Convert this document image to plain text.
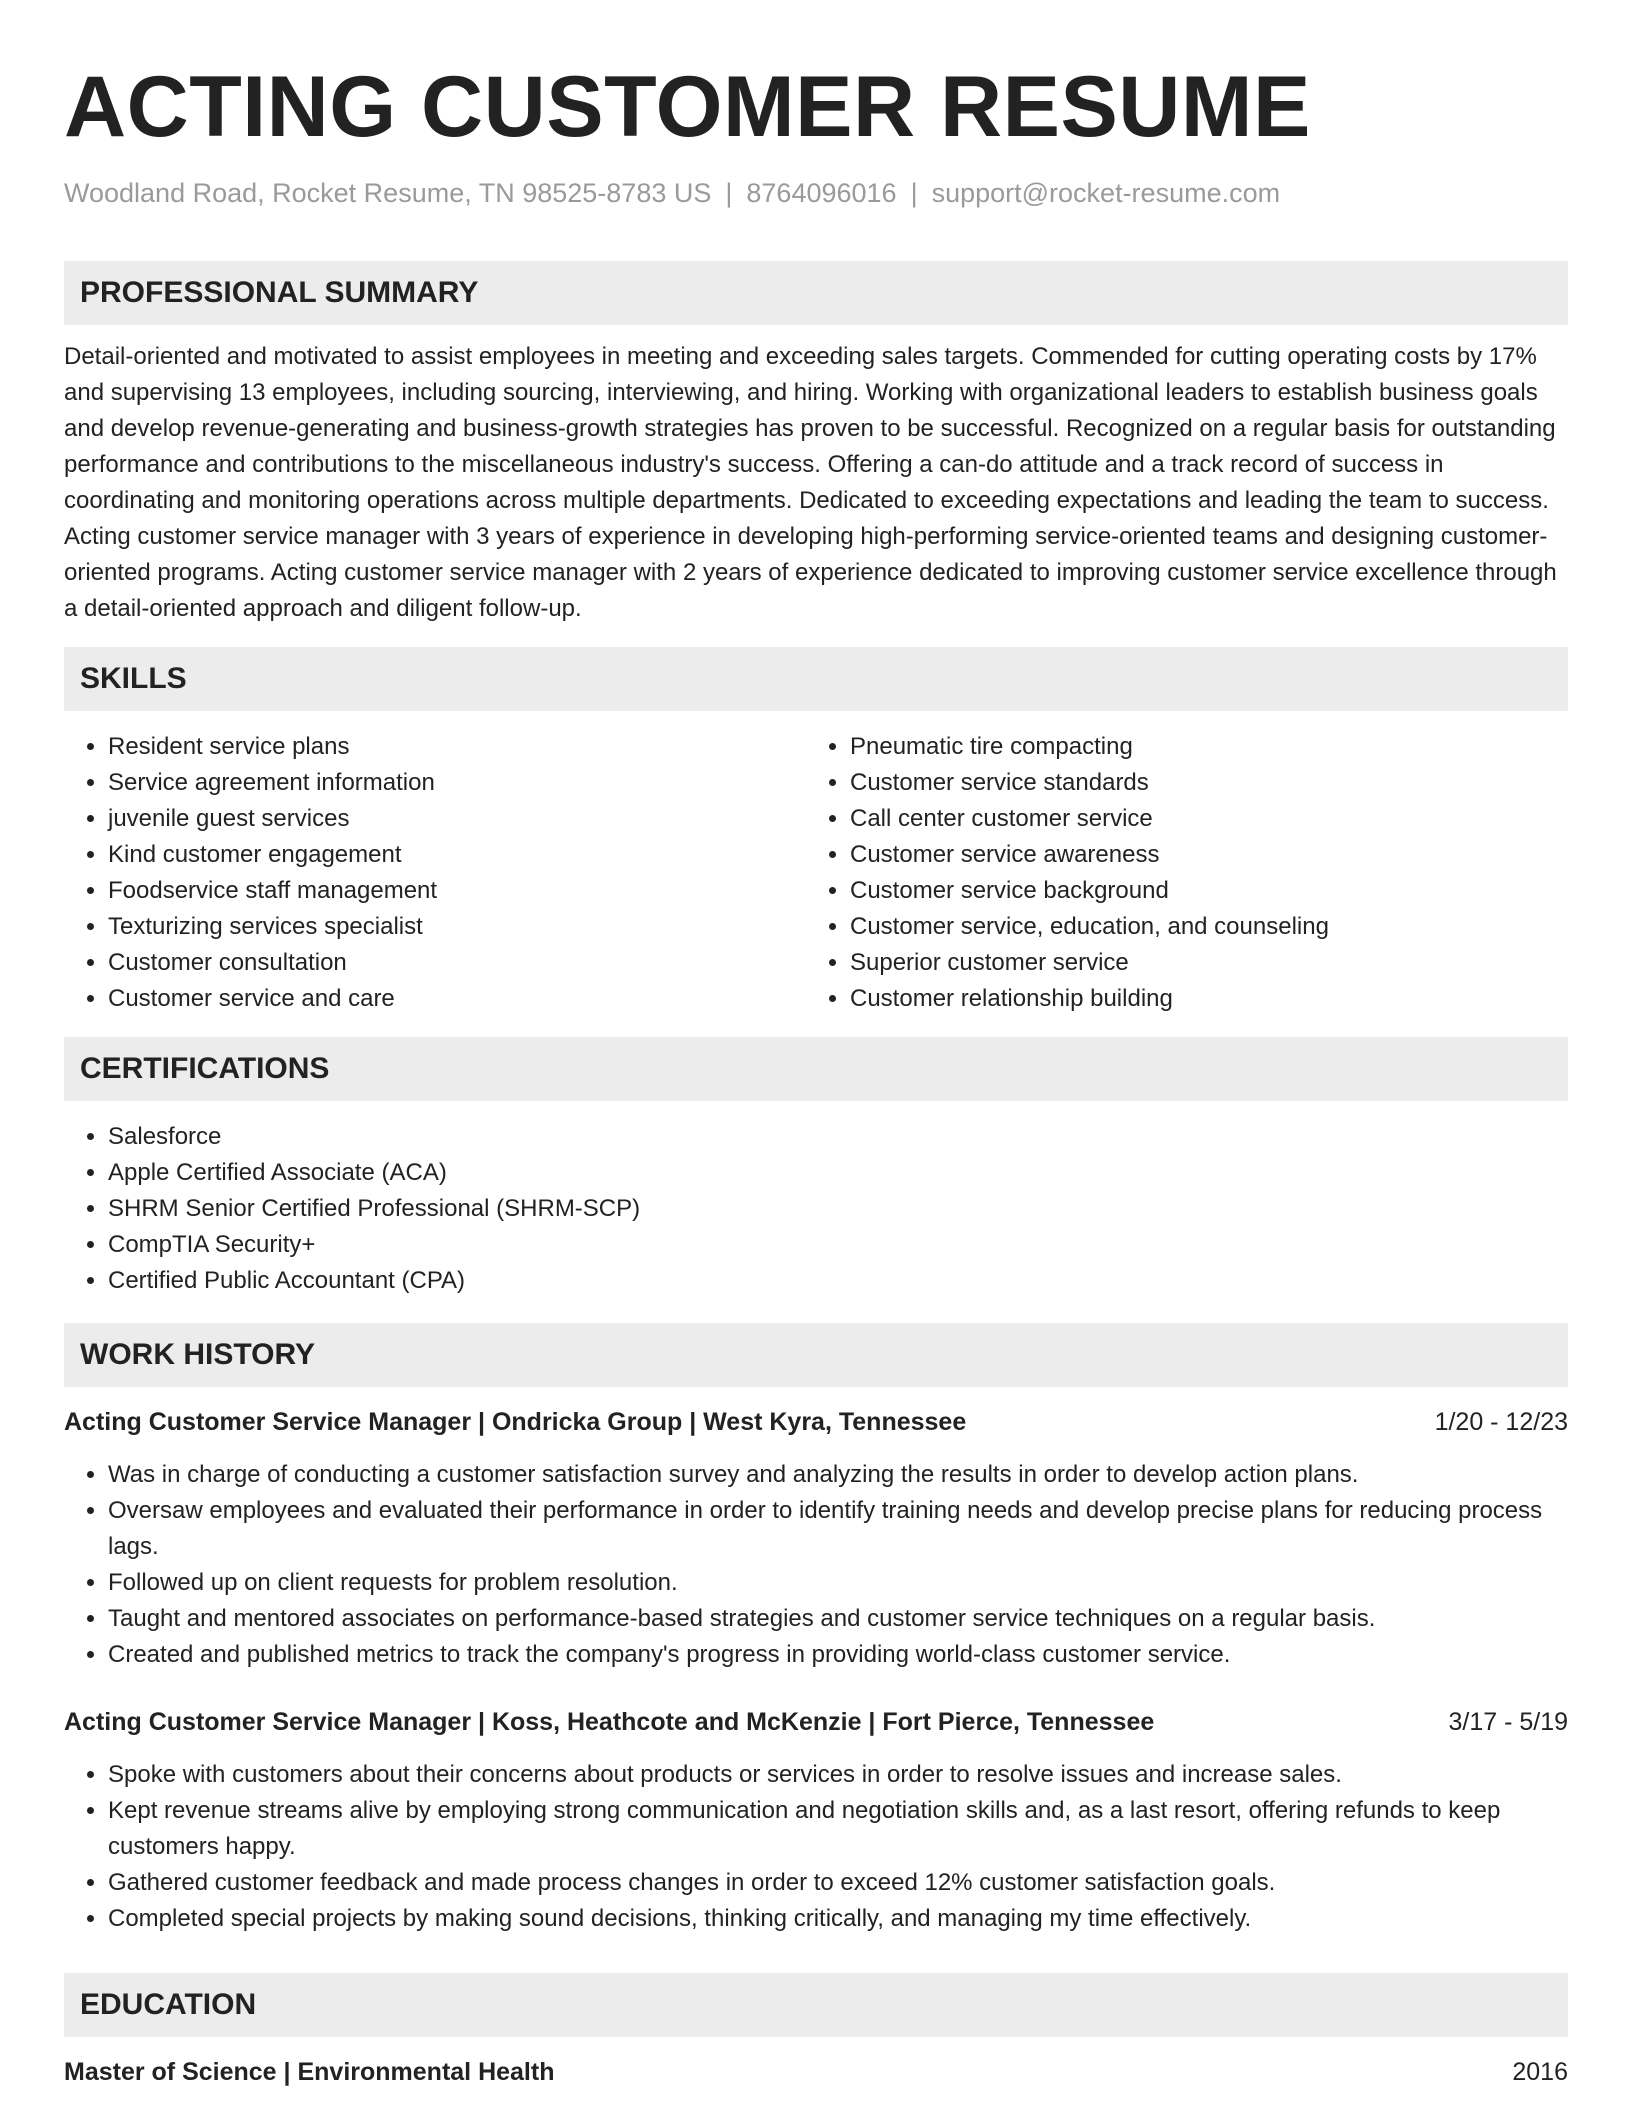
ACTING CUSTOMER RESUME
Woodland Road, Rocket Resume, TN 98525-8783 US | 8764096016 | support@rocket-resume.com
PROFESSIONAL SUMMARY

Detail-oriented and motivated to assist employees in meeting and exceeding sales targets. Commended for cutting operating costs by 17% and supervising 13 employees, including sourcing, interviewing, and hiring. Working with organizational leaders to establish business goals and develop revenue-generating and business-growth strategies has proven to be successful. Recognized on a regular basis for outstanding performance and contributions to the miscellaneous industry's success. Offering a can-do attitude and a track record of success in coordinating and monitoring operations across multiple departments. Dedicated to exceeding expectations and leading the team to success. Acting customer service manager with 3 years of experience in developing high-performing service-oriented teams and designing customer-oriented programs. Acting customer service manager with 2 years of experience dedicated to improving customer service excellence through a detail-oriented approach and diligent follow-up.

SKILLS
• Resident service plans
• Service agreement information
• juvenile guest services
• Kind customer engagement
• Foodservice staff management
• Texturizing services specialist
• Customer consultation
• Customer service and care
• Pneumatic tire compacting
• Customer service standards
• Call center customer service
• Customer service awareness
• Customer service background
• Customer service, education, and counseling
• Superior customer service
• Customer relationship building
CERTIFICATIONS
• Salesforce
• Apple Certified Associate (ACA)
• SHRM Senior Certified Professional (SHRM-SCP)
• CompTIA Security+
• Certified Public Accountant (CPA)
WORK HISTORY
Acting Customer Service Manager | Ondricka Group | West Kyra, Tennessee	1/20 - 12/23
• Was in charge of conducting a customer satisfaction survey and analyzing the results in order to develop action plans.
• Oversaw employees and evaluated their performance in order to identify training needs and develop precise plans for reducing process lags.
• Followed up on client requests for problem resolution.
• Taught and mentored associates on performance-based strategies and customer service techniques on a regular basis.
• Created and published metrics to track the company's progress in providing world-class customer service.
Acting Customer Service Manager | Koss, Heathcote and McKenzie | Fort Pierce, Tennessee	3/17 - 5/19
• Spoke with customers about their concerns about products or services in order to resolve issues and increase sales.
• Kept revenue streams alive by employing strong communication and negotiation skills and, as a last resort, offering refunds to keep customers happy.
• Gathered customer feedback and made process changes in order to exceed 12% customer satisfaction goals.
• Completed special projects by making sound decisions, thinking critically, and managing my time effectively.
EDUCATION
Master of Science | Environmental Health	2016
